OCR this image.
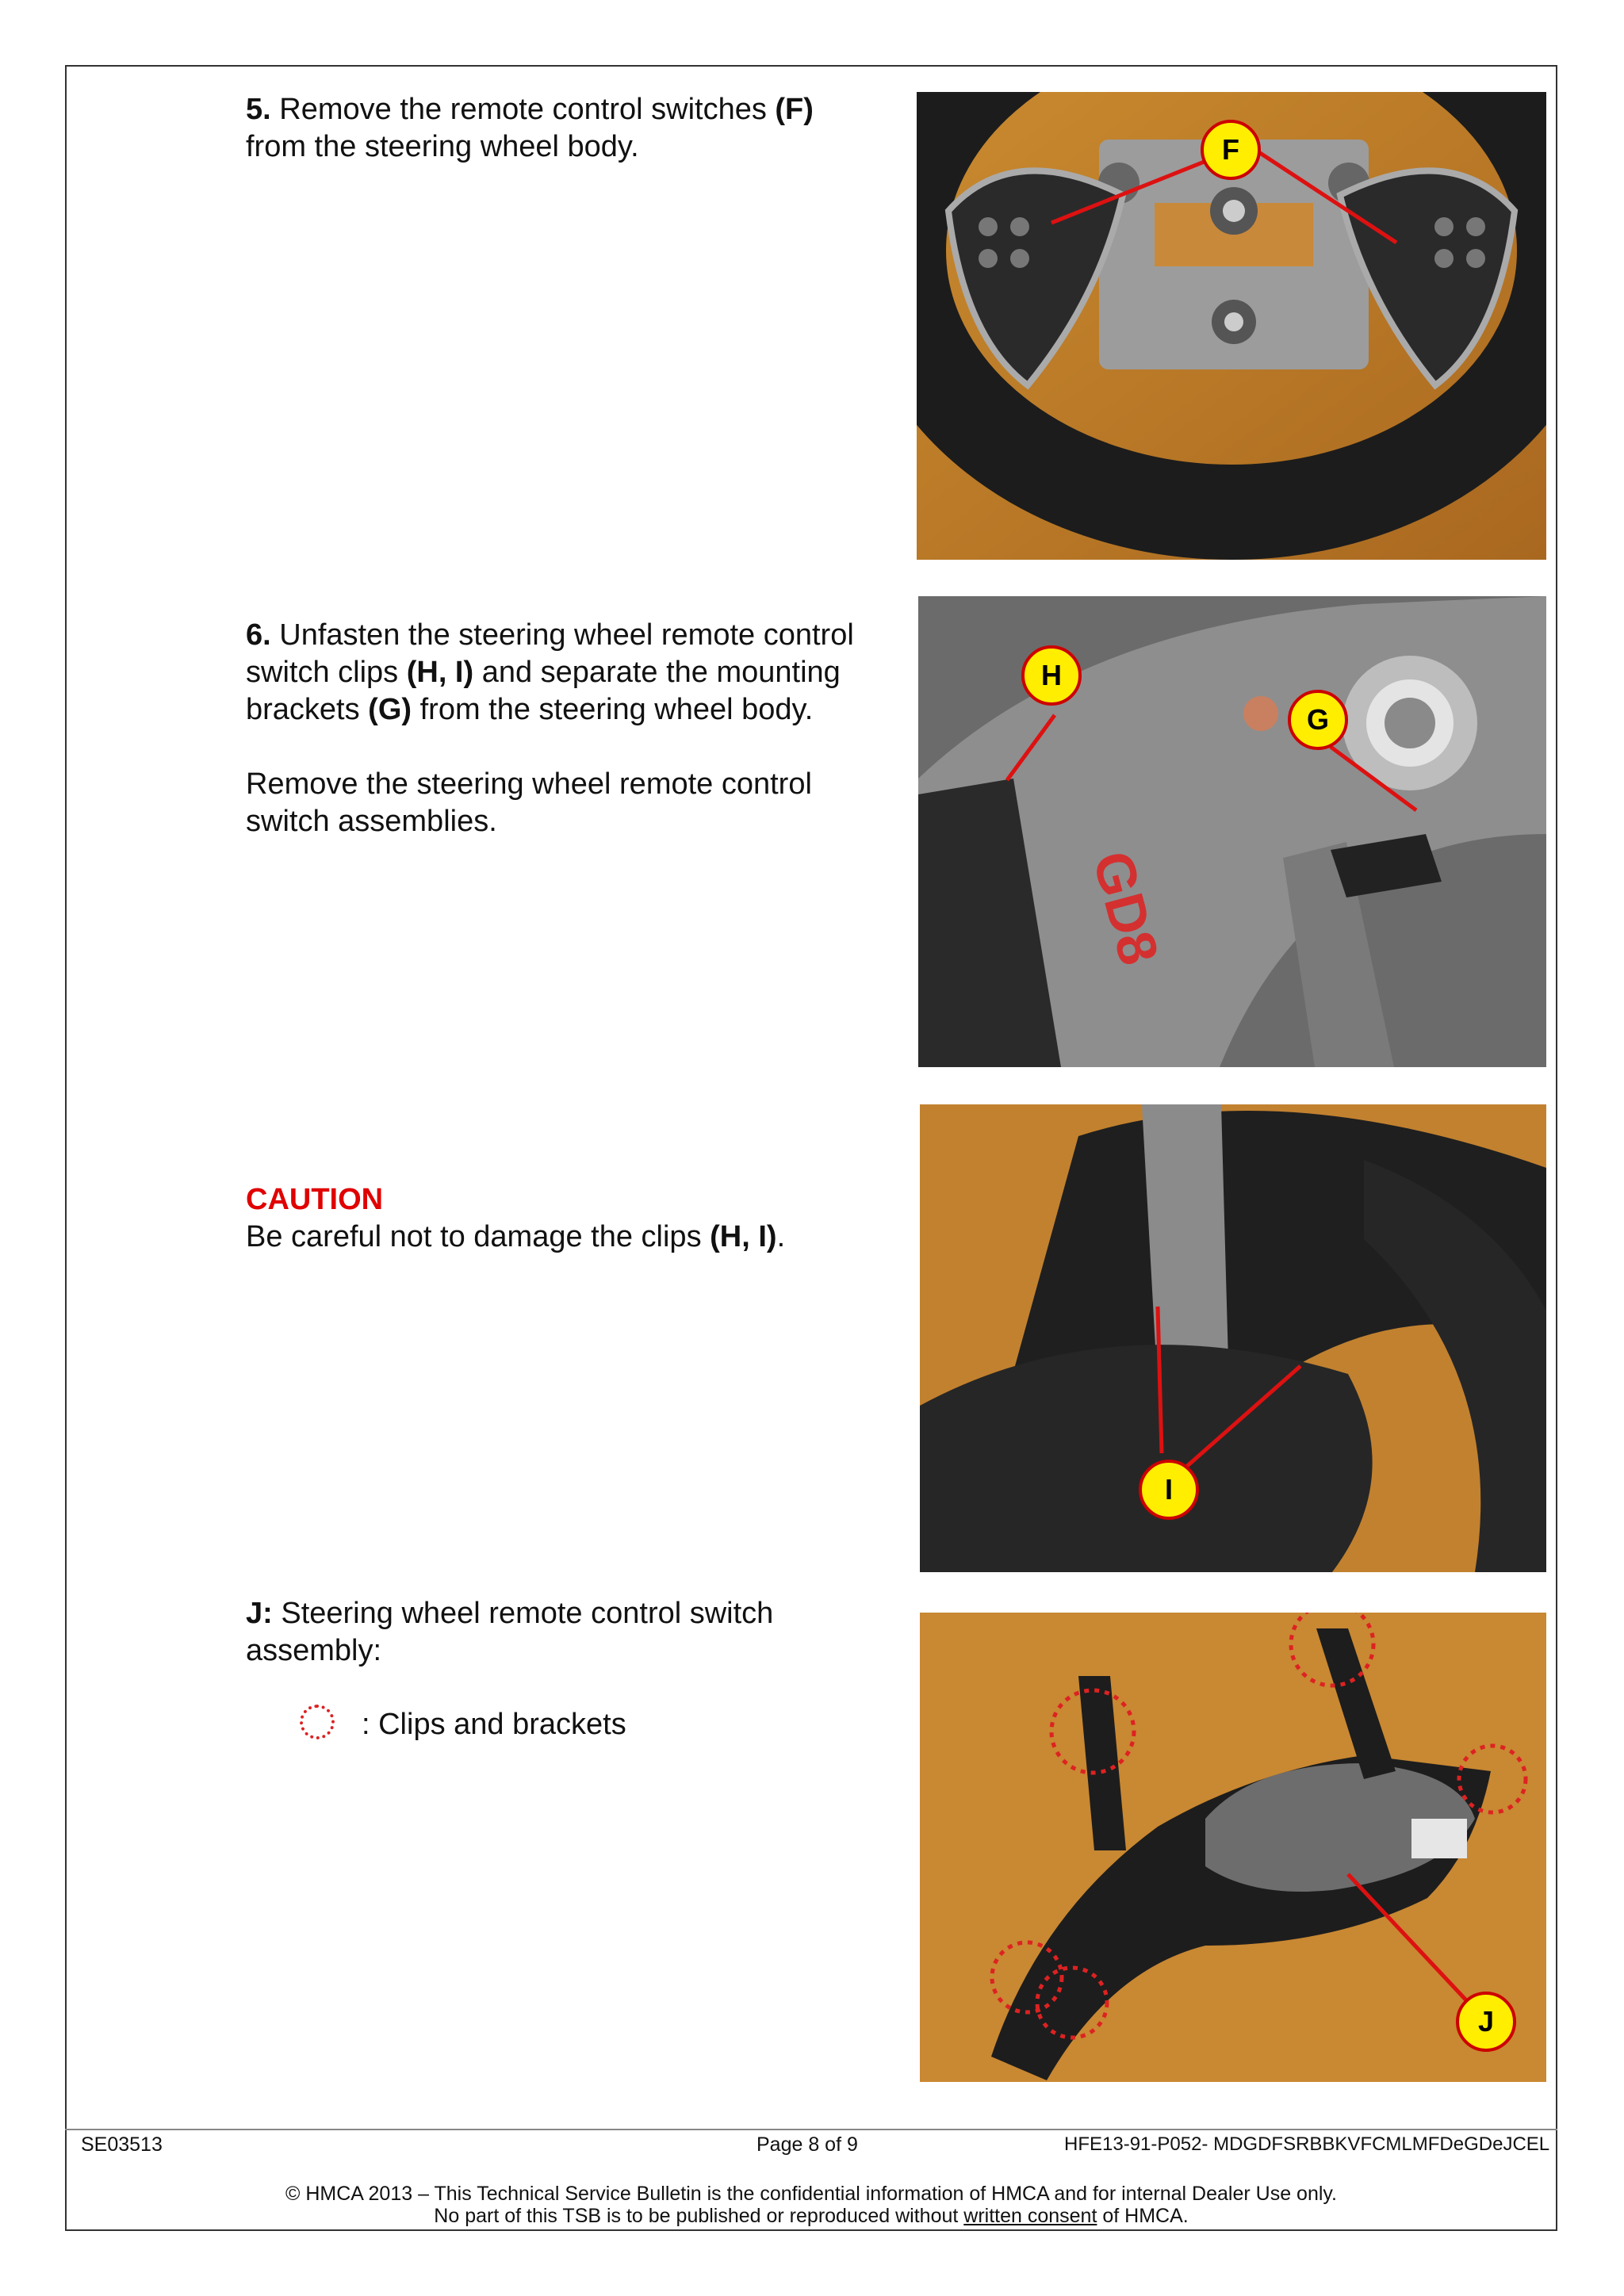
5. Remove the remote control switches (F)
from the steering wheel body.	F
6. Unfasten the steering wheel remote control
switch clips (H, I) and separate the mounting
brackets (G) from the steering wheel body.

Remove the steering wheel remote control
switch assemblies.
GD8
H
G
CAUTION
Be careful not to damage the clips (H, I).
I
J: Steering wheel remote control switch
assembly:
: Clips and brackets
J
SE03513	Page 8 of 9	HFE13-91-P052- MDGDFSRBBKVFCMLMFDeGDeJCEL
© HMCA 2013 – This Technical Service Bulletin is the confidential information of HMCA and for internal Dealer Use only.
No part of this TSB is to be published or reproduced without written consent of HMCA.
